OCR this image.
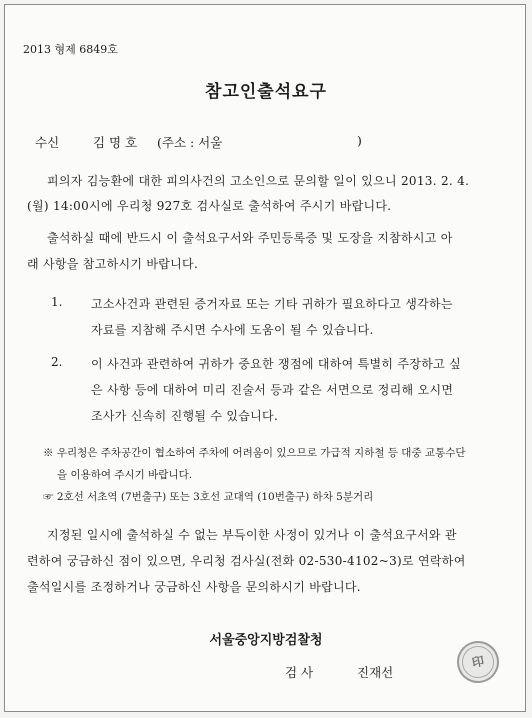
2013 형제 6849호
참고인출석요구
수신	김 명 호 (주소 : 서울	)
피의자 김능환에 대한 피의사건의 고소인으로 문의할 일이 있으니 2013. 2. 4.
(월) 14:00시에 우리청 927호 검사실로 출석하여 주시기 바랍니다.
출석하실 때에 반드시 이 출석요구서와 주민등록증 및 도장을 지참하시고 아
래 사항을 참고하시기 바랍니다.
1. 고소사건과 관련된 증거자료 또는 기타 귀하가 필요하다고 생각하는
자료를 지참해 주시면 수사에 도움이 될 수 있습니다.
2. 이 사건과 관련하여 귀하가 중요한 쟁점에 대하여 특별히 주장하고 싶
은 사항 등에 대하여 미리 진술서 등과 같은 서면으로 정리해 오시면
조사가 신속히 진행될 수 있습니다.
※ 우리청은 주차공간이 협소하여 주차에 어려움이 있으므로 가급적 지하철 등 대중 교통수단
을 이용하여 주시기 바랍니다.
☞ 2호선 서초역 (7번출구) 또는 3호선 교대역 (10번출구) 하차 5분거리
지정된 일시에 출석하실 수 없는 부득이한 사정이 있거나 이 출석요구서와 관
련하여 궁금하신 점이 있으면, 우리청 검사실(전화 02-530-4102~3)로 연락하여
출석일시를 조정하거나 궁금하신 사항을 문의하시기 바랍니다.
서울중앙지방검찰청
검 사	진재선
印
